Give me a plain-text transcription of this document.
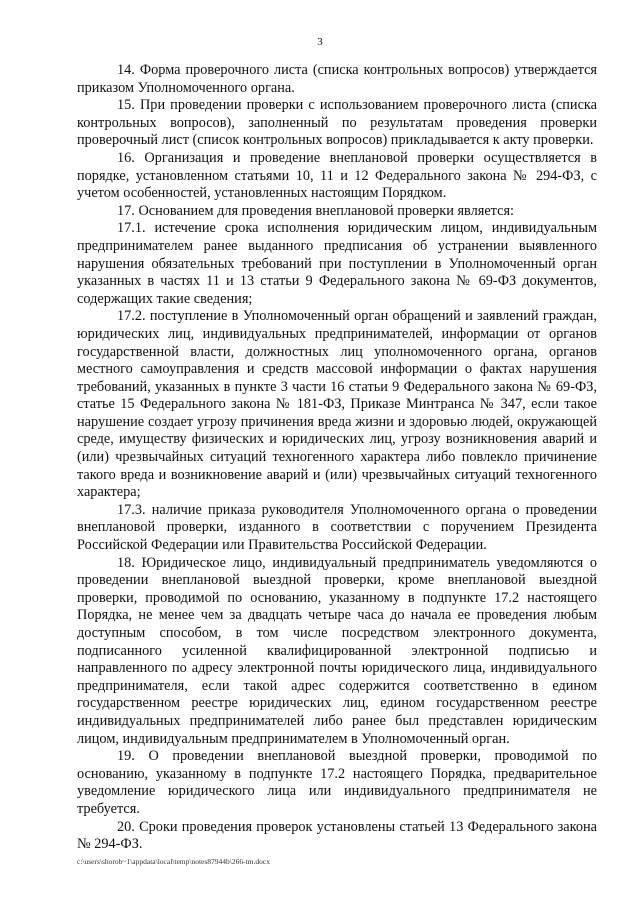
3

14. Форма проверочного листа (списка контрольных вопросов) утверждается приказом Уполномоченного органа.

15. При проведении проверки с использованием проверочного листа (списка контрольных вопросов), заполненный по результатам проведения проверки проверочный лист (список контрольных вопросов) прикладывается к акту проверки.

16. Организация и проведение внеплановой проверки осуществляется в порядке, установленном статьями 10, 11 и 12 Федерального закона № 294-ФЗ, с учетом особенностей, установленных настоящим Порядком.

17. Основанием для проведения внеплановой проверки является:

17.1. истечение срока исполнения юридическим лицом, индивидуальным предпринимателем ранее выданного предписания об устранении выявленного нарушения обязательных требований при поступлении в Уполномоченный орган указанных в частях 11 и 13 статьи 9 Федерального закона № 69-ФЗ документов, содержащих такие сведения;

17.2. поступление в Уполномоченный орган обращений и заявлений граждан, юридических лиц, индивидуальных предпринимателей, информации от органов государственной власти, должностных лиц уполномоченного органа, органов местного самоуправления и средств массовой информации о фактах нарушения требований, указанных в пункте 3 части 16 статьи 9 Федерального закона № 69-ФЗ, статье 15 Федерального закона № 181-ФЗ, Приказе Минтранса № 347, если такое нарушение создает угрозу причинения вреда жизни и здоровью людей, окружающей среде, имуществу физических и юридических лиц, угрозу возникновения аварий и (или) чрезвычайных ситуаций техногенного характера либо повлекло причинение такого вреда и возникновение аварий и (или) чрезвычайных ситуаций техногенного характера;

17.3. наличие приказа руководителя Уполномоченного органа о проведении внеплановой проверки, изданного в соответствии с поручением Президента Российской Федерации или Правительства Российской Федерации.

18. Юридическое лицо, индивидуальный предприниматель уведомляются о проведении внеплановой выездной проверки, кроме внеплановой выездной проверки, проводимой по основанию, указанному в подпункте 17.2 настоящего Порядка, не менее чем за двадцать четыре часа до начала ее проведения любым доступным способом, в том числе посредством электронного документа, подписанного усиленной квалифицированной электронной подписью и направленного по адресу электронной почты юридического лица, индивидуального предпринимателя, если такой адрес содержится соответственно в едином государственном реестре юридических лиц, едином государственном реестре индивидуальных предпринимателей либо ранее был представлен юридическим лицом, индивидуальным предпринимателем в Уполномоченный орган.

19. О проведении внеплановой выездной проверки, проводимой по основанию, указанному в подпункте 17.2 настоящего Порядка, предварительное уведомление юридического лица или индивидуального предпринимателя не требуется.

20. Сроки проведения проверок установлены статьей 13 Федерального закона № 294-ФЗ.

c:\users\shorob~1\appdata\local\temp\notes87944b\266-tm.docx
